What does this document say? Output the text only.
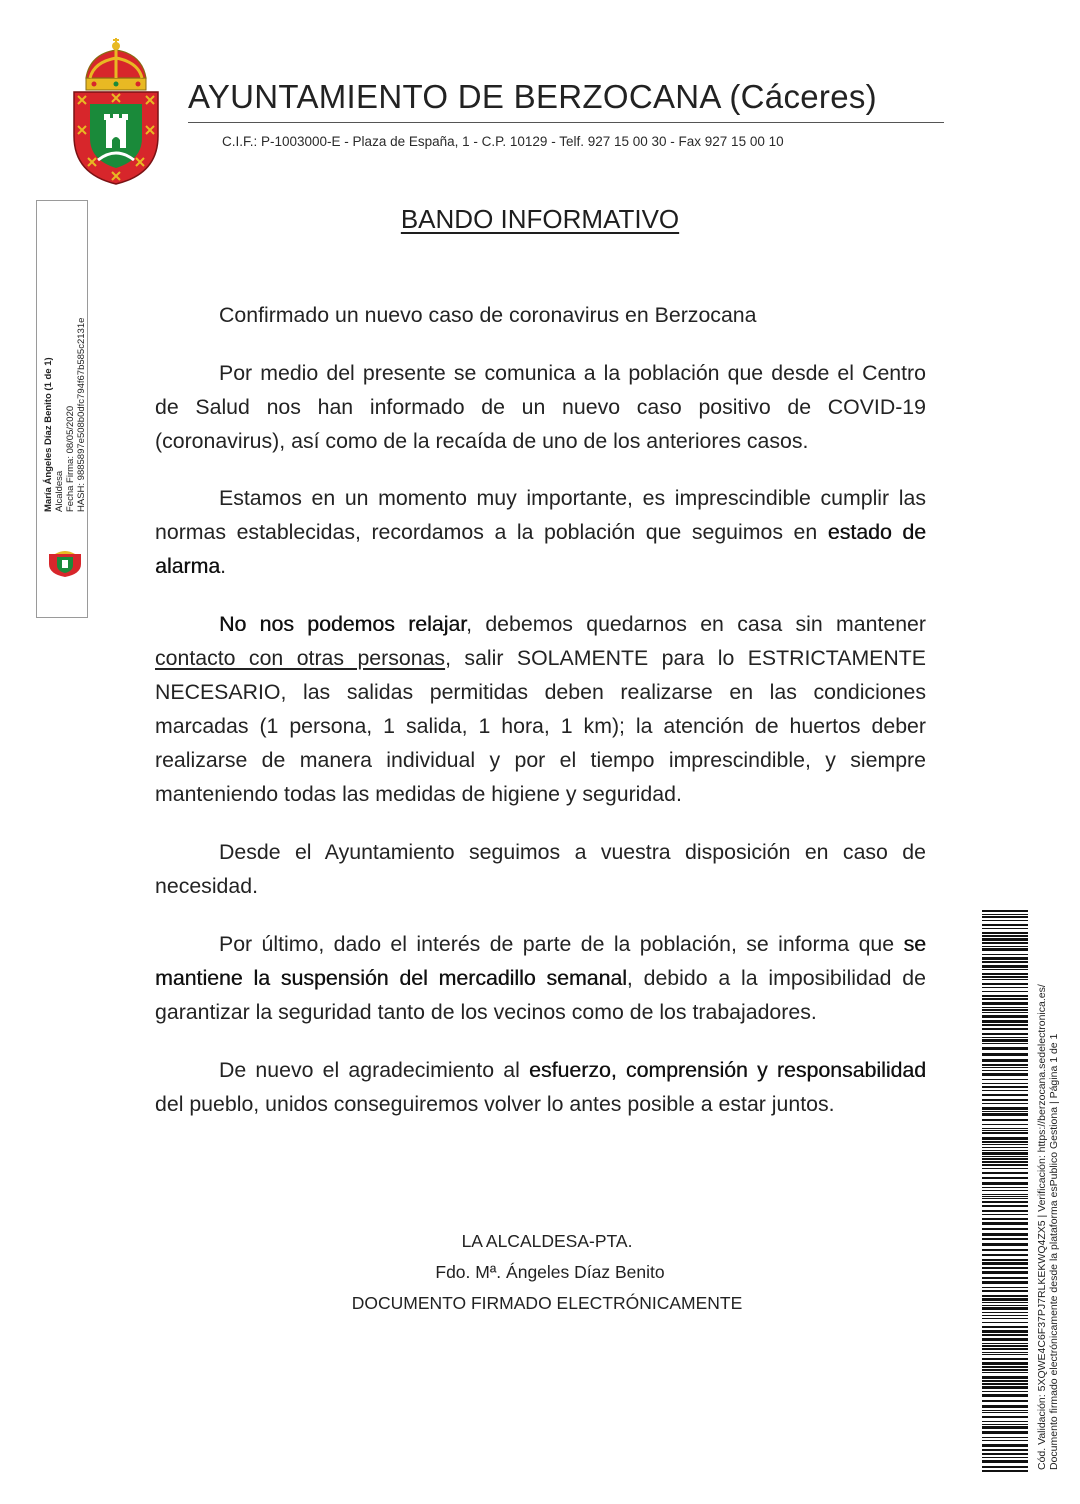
AYUNTAMIENTO DE BERZOCANA (Cáceres)
C.I.F.: P-1003000-E - Plaza de España, 1 - C.P. 10129 - Telf. 927 15 00 30 - Fax 927 15 00 10
María Ángeles Díaz Benito (1 de 1) Alcaldesa Fecha Firma: 08/05/2020 HASH: 9885897e508b0dfc794f67b585c2131e
BANDO INFORMATIVO

Confirmado un nuevo caso de coronavirus en Berzocana

Por medio del presente se comunica a la población que desde el Centro de Salud nos han informado de un nuevo caso positivo de COVID-19 (coronavirus), así como de la recaída de uno de los anteriores casos.

Estamos en un momento muy importante, es imprescindible cumplir las normas establecidas, recordamos a la población que seguimos en estado de alarma.

No nos podemos relajar, debemos quedarnos en casa sin mantener contacto con otras personas, salir SOLAMENTE para lo ESTRICTAMENTE NECESARIO, las salidas permitidas deben realizarse en las condiciones marcadas (1 persona, 1 salida, 1 hora, 1 km); la atención de huertos deber realizarse de manera individual y por el tiempo imprescindible, y siempre manteniendo todas las medidas de higiene y seguridad.

Desde el Ayuntamiento seguimos a vuestra disposición en caso de necesidad.

Por último, dado el interés de parte de la población, se informa que se mantiene la suspensión del mercadillo semanal, debido a la imposibilidad de garantizar la seguridad tanto de los vecinos como de los trabajadores.

De nuevo el agradecimiento al esfuerzo, comprensión y responsabilidad del pueblo, unidos conseguiremos volver lo antes posible a estar juntos.

LA ALCALDESA-PTA.
Fdo. Mª. Ángeles Díaz Benito
DOCUMENTO FIRMADO ELECTRÓNICAMENTE	Cód. Validación: 5XQWE4C6F37PJ7RLKEKWQ4ZX5 | Verificación: https://berzocana.sedelectronica.es/ Documento firmado electrónicamente desde la plataforma esPublico Gestiona | Página 1 de 1
